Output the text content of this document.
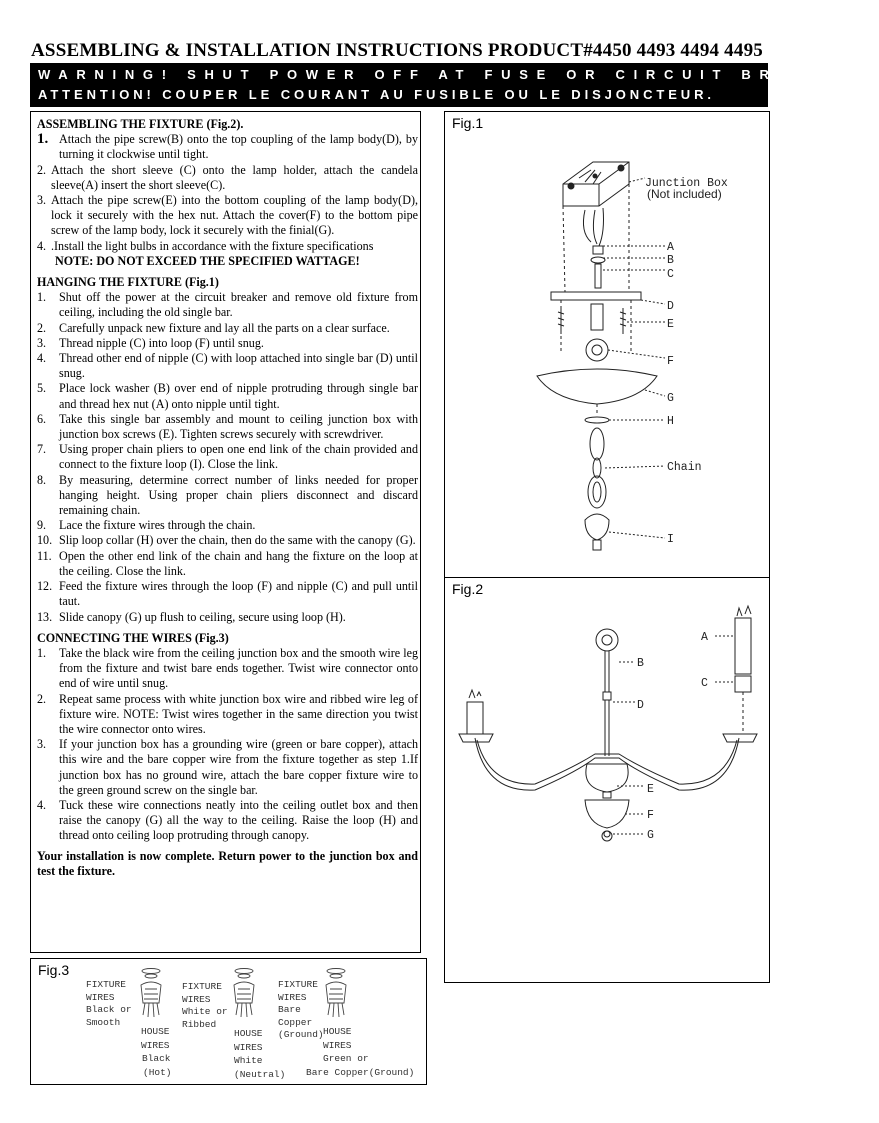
ASSEMBLING & INSTALLATION INSTRUCTIONS PRODUCT#4450 4493 4494 4495
WARNING! SHUT POWER OFF AT FUSE OR CIRCUIT BREAKER.
ATTENTION! COUPER LE COURANT AU FUSIBLE OU LE DISJONCTEUR.
ASSEMBLING THE FIXTURE (Fig.2).
1. Attach the pipe screw(B) onto the top coupling of the lamp body(D), by turning it clockwise until tight.
2. Attach the short sleeve (C) onto the lamp holder, attach the candela sleeve(A) insert the short sleeve(C).
3. Attach the pipe screw(E) into the bottom coupling of the lamp body(D), lock it securely with the hex nut. Attach the cover(F) to the bottom pipe screw of the lamp body, lock it securely with the finial(G).
4. .Install the light bulbs in accordance with the fixture specifications
NOTE: DO NOT EXCEED THE SPECIFIED WATTAGE!
HANGING THE FIXTURE (Fig.1)
1.	Shut off the power at the circuit breaker and remove old fixture from ceiling, including the old single bar.
2.	Carefully unpack new fixture and lay all the parts on a clear surface.
3.	Thread nipple (C) into loop (F) until snug.
4.	Thread other end of nipple (C) with loop attached into single bar (D) until snug.
5.	Place lock washer (B) over end of nipple protruding through single bar and thread hex nut (A) onto nipple until tight.
6.	Take this single bar assembly and mount to ceiling junction box with junction box screws (E). Tighten screws securely with screwdriver.
7.	Using proper chain pliers to open one end link of the chain provided and connect to the fixture loop (I). Close the link.
8.	By measuring, determine correct number of links needed for proper hanging height. Using proper chain pliers disconnect and discard remaining chain.
9.	Lace the fixture wires through the chain.
10. Slip loop collar (H) over the chain, then do the same with the canopy (G).
11. Open the other end link of the chain and hang the fixture on the loop at the ceiling. Close the link.
12. Feed the fixture wires through the loop (F) and nipple (C) and pull until taut.
13. Slide canopy (G) up flush to ceiling, secure using loop (H).
CONNECTING THE WIRES (Fig.3)
1.	Take the black wire from the ceiling junction box and the smooth wire leg from the fixture and twist bare ends together. Twist wire connector onto end of wire until snug.
2.	Repeat same process with white junction box wire and ribbed wire leg of fixture wire. NOTE: Twist wires together in the same direction you twist the wire connector onto wires.
3.	If your junction box has a grounding wire (green or bare copper), attach this wire and the bare copper wire from the fixture together as step 1.If junction box has no ground wire, attach the bare copper fixture wire to the green ground screw on the single bar.
4.	Tuck these wire connections neatly into the ceiling outlet box and then raise the canopy (G) all the way to the ceiling. Raise the loop (H) and thread onto ceiling loop protruding through canopy.
Your installation is now complete. Return power to the junction box and test the fixture.
Fig.1
Junction Box
(Not included)
A
B
C
D
E
F
G
H
Chain
I
Fig.2
A
B
C
D
E
F
G
Fig.3
FIXTURE
WIRES
Black or
Smooth
HOUSE
WIRES
Black
(Hot)
FIXTURE
WIRES
White or
Ribbed
HOUSE
WIRES
White
(Neutral)
FIXTURE
WIRES
Bare
Copper
(Ground) HOUSE
WIRES
Green or
Bare Copper(Ground)
